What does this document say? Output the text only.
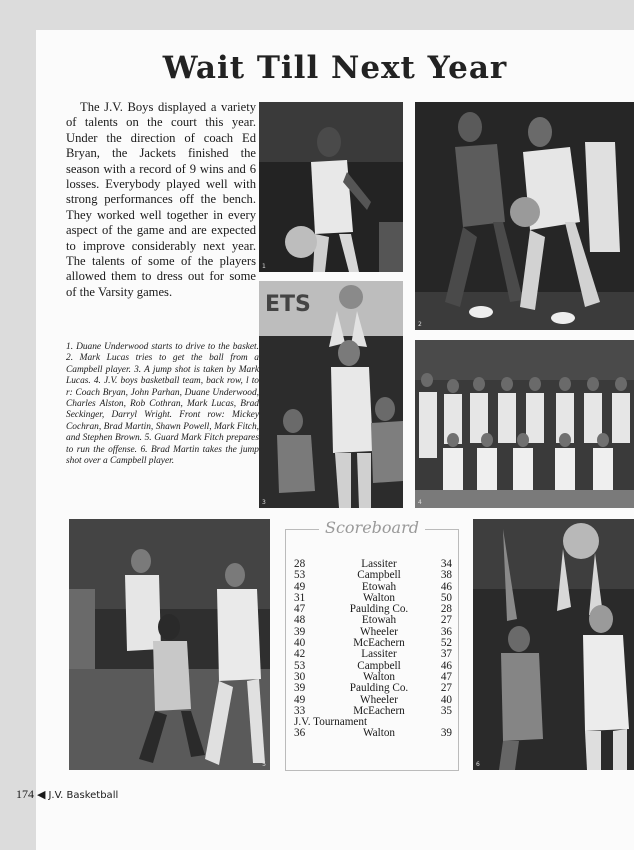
Wait Till Next Year

The J.V. Boys displayed a variety of talents on the court this year. Under the direction of coach Ed Bryan, the Jackets finished the season with a record of 9 wins and 6 losses. Everybody played well with strong performances off the bench. They worked well together in every aspect of the game and are expected to improve considerably next year. The talents of some of the players allowed them to dress out for some of the Varsity games.

1
2

1. Duane Underwood starts to drive to the basket. 2. Mark Lucas tries to get the ball from a Campbell player. 3. A jump shot is taken by Mark Lucas. 4. J.V. boys basketball team, back row, l to r: Coach Bryan, John Parhan, Duane Underwood, Charles Alston, Rob Cothran, Mark Lucas, Brad Seckinger, Darryl Wright. Front row: Mickey Cochran, Brad Martin, Shawn Powell, Mark Fitch, and Stephen Brown. 5. Guard Mark Fitch prepares to run the offense. 6. Brad Martin takes the jump shot over a Campbell player.

ETS
3	4
5
Scoreboard
28	Lassiter	34
53	Campbell	38
49	Etowah	46
31	Walton	50
47	Paulding Co.	28
48	Etowah	27
39	Wheeler	36
40	McEachern	52
42	Lassiter	37
53	Campbell	46
30	Walton	47
39	Paulding Co.	27
49	Wheeler	40
33	McEachern	35
J.V. Tournament		
36	Walton	39
6
174 ◀ J.V. Basketball
